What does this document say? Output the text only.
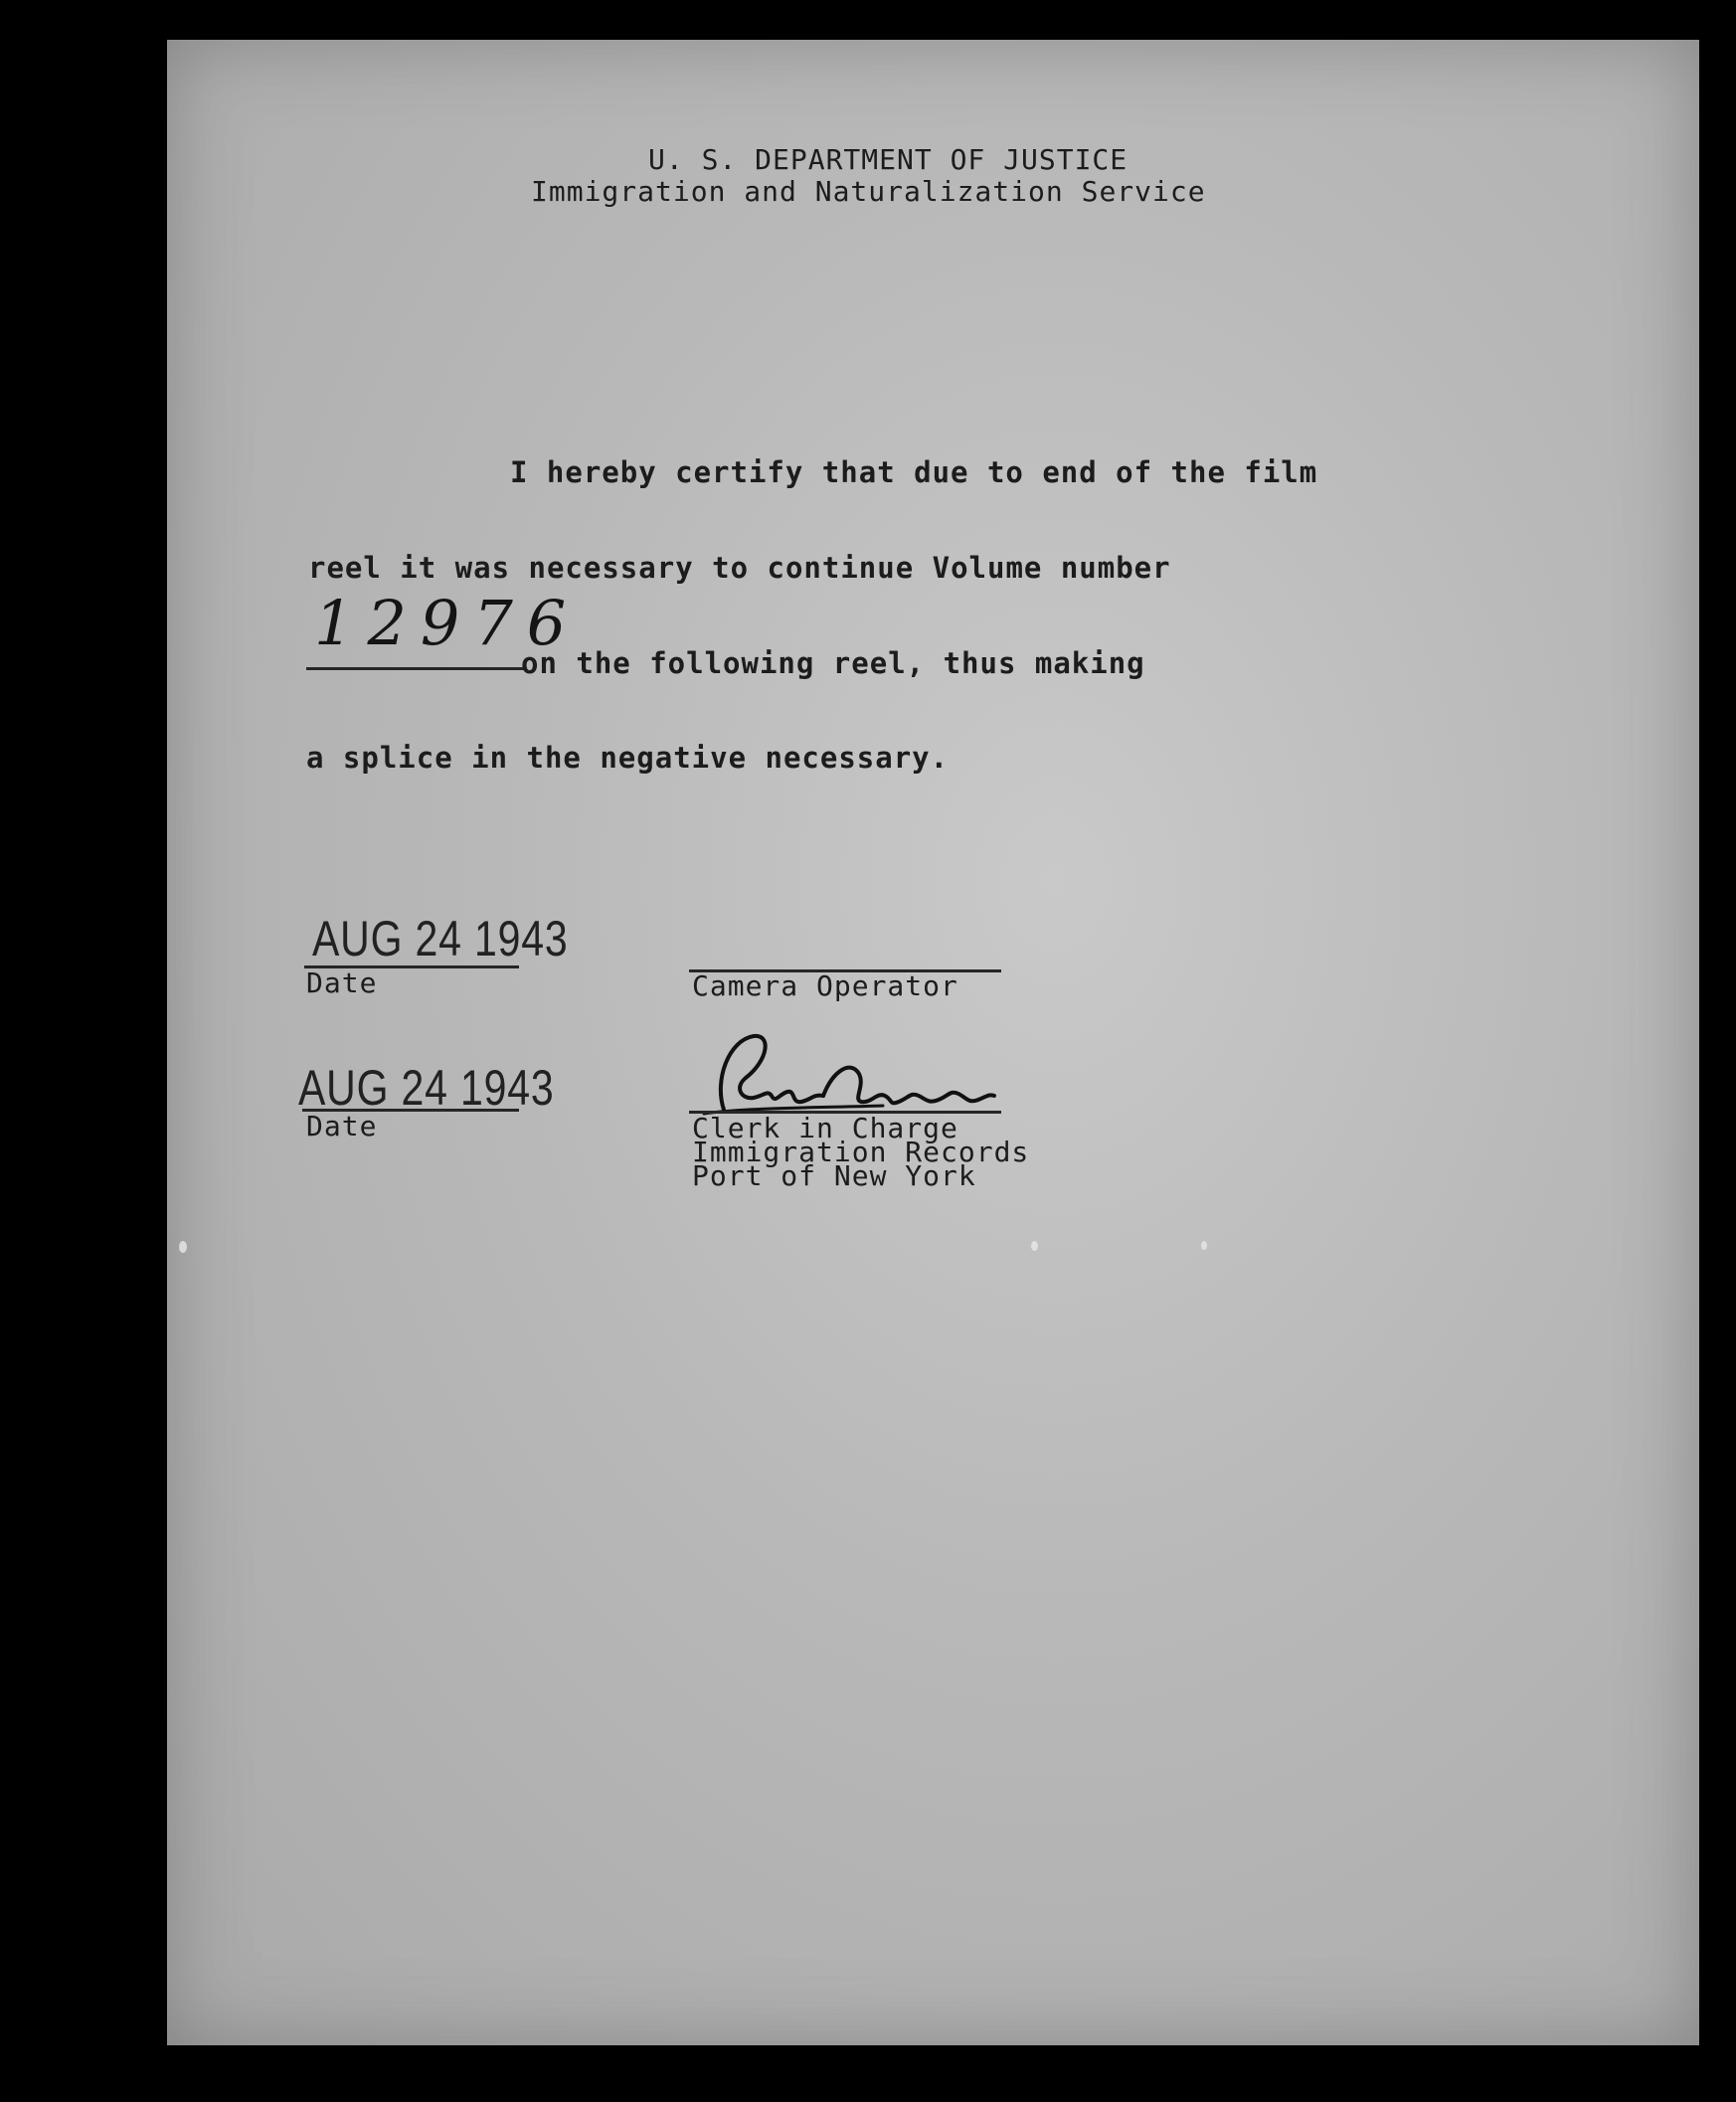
U. S. DEPARTMENT OF JUSTICE
Immigration and Naturalization Service
I hereby certify that due to end of the film
reel it was necessary to continue Volume number
12976
on the following reel, thus making
a splice in the negative necessary.
AUG 24 1943
Date	Camera Operator
AUG 24 1943
Date	Clerk in Charge
Immigration Records
Port of New York
